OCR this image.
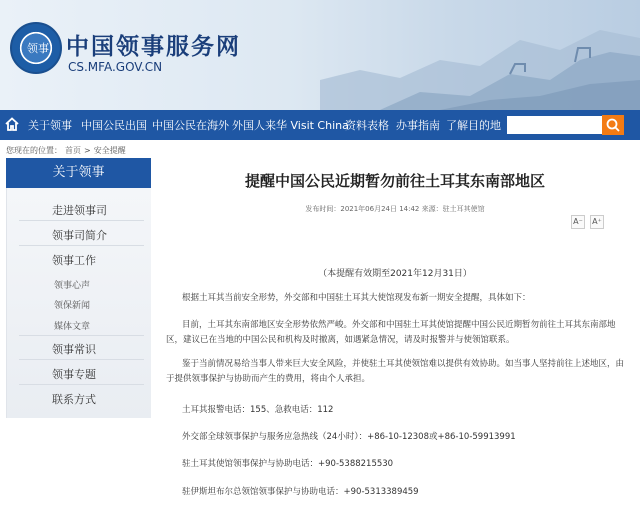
领事 中国领事服务网
CS.MFA.GOV.CN
关于领事 中国公民出国 中国公民在海外 外国人来华 Visit China
资料表格 办事指南 了解目的地
您现在的位置： 首页 > 安全提醒
关于领事
走进领事司
领事司简介
领事工作
领事心声
领保新闻
媒体文章
领事常识
领事专题
联系方式
提醒中国公民近期暂勿前往土耳其东南部地区
发布时间：2021年06月24日 14:42 来源：驻土耳其使馆
A⁻ A⁺
（本提醒有效期至2021年12月31日）
根据土耳其当前安全形势，外交部和中国驻土耳其大使馆现发布新一期安全提醒，具体如下：
目前，土耳其东南部地区安全形势依然严峻。外交部和中国驻土耳其使馆提醒中国公民近期暂勿前往土耳其东南部地区，建议已在当地的中国公民和机构及时撤离，如遇紧急情况，请及时报警并与使领馆联系。
鉴于当前情况易给当事人带来巨大安全风险，并使驻土耳其使领馆难以提供有效协助。如当事人坚持前往上述地区，由于提供领事保护与协助而产生的费用，将由个人承担。
土耳其报警电话：155、急救电话：112
外交部全球领事保护与服务应急热线（24小时）：+86-10-12308或+86-10-59913991
驻土耳其使馆领事保护与协助电话：+90-5388215530
驻伊斯坦布尔总领馆领事保护与协助电话：+90-5313389459
